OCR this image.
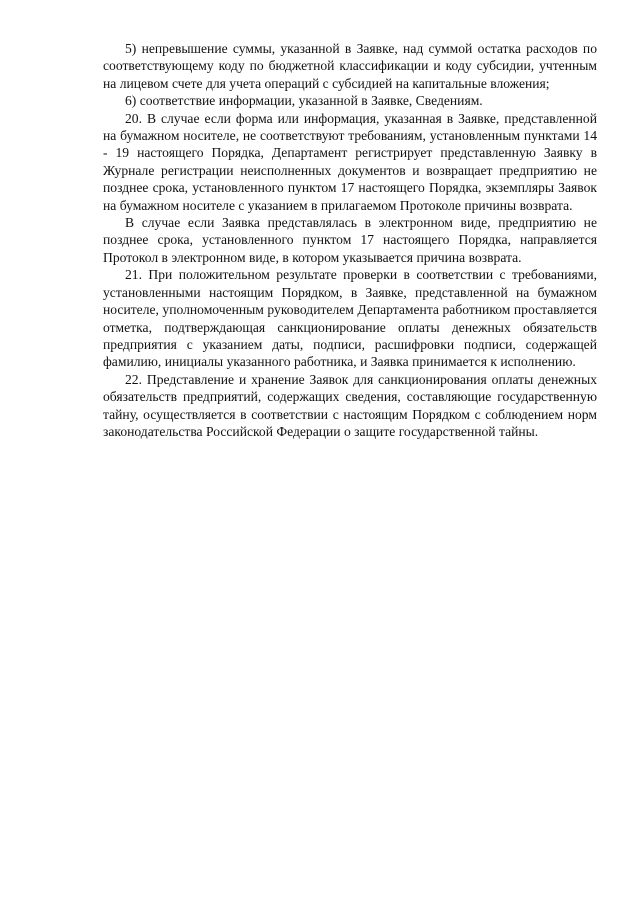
5) непревышение суммы, указанной в Заявке, над суммой остатка расходов по соответствующему коду по бюджетной классификации и коду субсидии, учтенным на лицевом счете для учета операций с субсидией на капитальные вложения;

6) соответствие информации, указанной в Заявке, Сведениям.

20. В случае если форма или информация, указанная в Заявке, представленной на бумажном носителе, не соответствуют требованиям, установленным пунктами 14 - 19 настоящего Порядка, Департамент регистрирует представленную Заявку в Журнале регистрации неисполненных документов и возвращает предприятию не позднее срока, установленного пунктом 17 настоящего Порядка, экземпляры Заявок на бумажном носителе с указанием в прилагаемом Протоколе причины возврата.

В случае если Заявка представлялась в электронном виде, предприятию не позднее срока, установленного пунктом 17 настоящего Порядка, направляется Протокол в электронном виде, в котором указывается причина возврата.

21. При положительном результате проверки в соответствии с требованиями, установленными настоящим Порядком, в Заявке, представленной на бумажном носителе, уполномоченным руководителем Департамента работником проставляется отметка, подтверждающая санкционирование оплаты денежных обязательств предприятия с указанием даты, подписи, расшифровки подписи, содержащей фамилию, инициалы указанного работника, и Заявка принимается к исполнению.

22. Представление и хранение Заявок для санкционирования оплаты денежных обязательств предприятий, содержащих сведения, составляющие государственную тайну, осуществляется в соответствии с настоящим Порядком с соблюдением норм законодательства Российской Федерации о защите государственной тайны.
